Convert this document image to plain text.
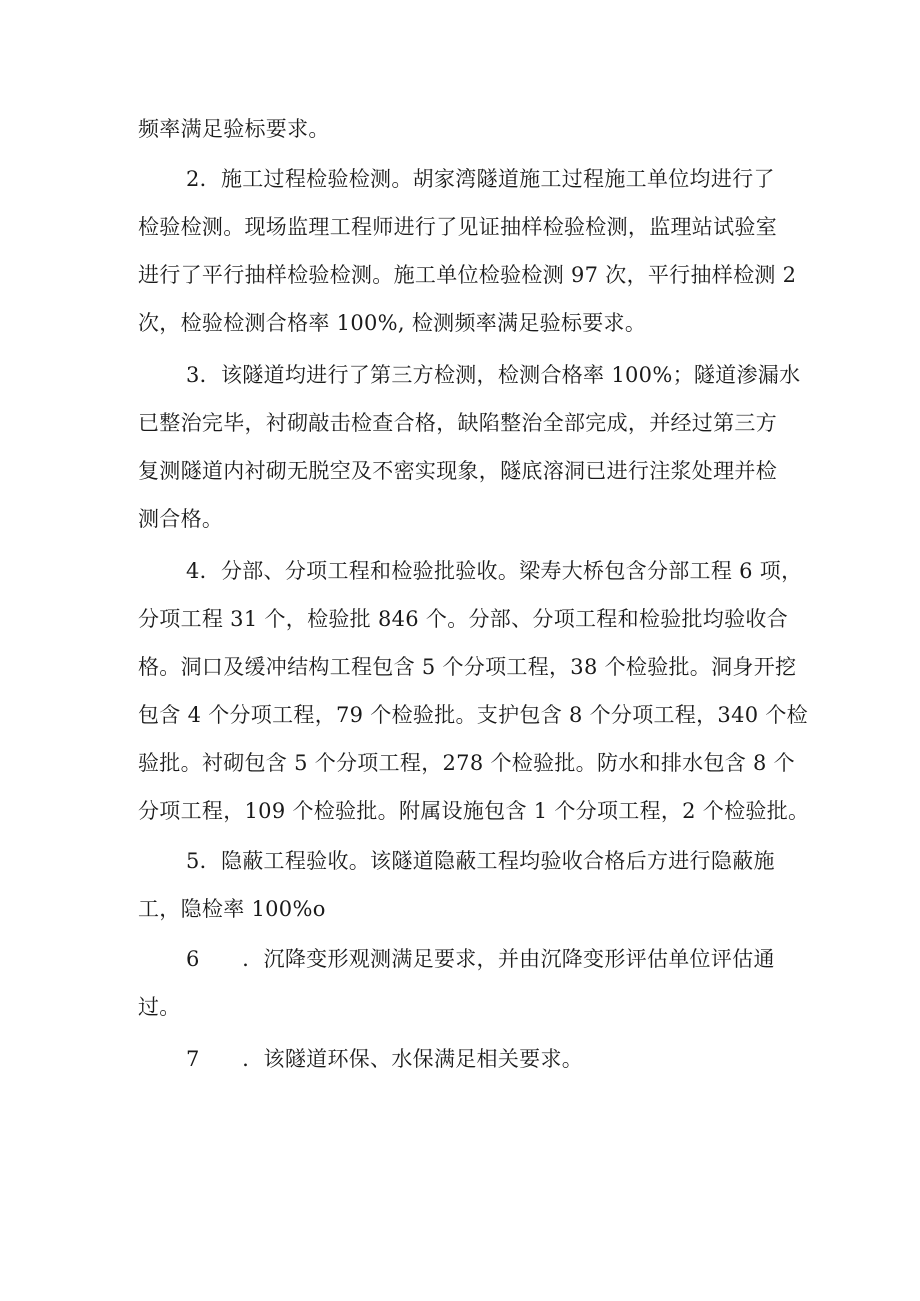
频率满足验标要求。
2．施工过程检验检测。胡家湾隧道施工过程施工单位均进行了
检验检测。现场监理工程师进行了见证抽样检验检测，监理站试验室
进行了平行抽样检验检测。施工单位检验检测 97 次，平行抽样检测 2
次，检验检测合格率 100%, 检测频率满足验标要求。
3．该隧道均进行了第三方检测，检测合格率 100%；隧道渗漏水
已整治完毕，衬砌敲击检查合格，缺陷整治全部完成，并经过第三方
复测隧道内衬砌无脱空及不密实现象，隧底溶洞已进行注浆处理并检
测合格。
4．分部、分项工程和检验批验收。梁寿大桥包含分部工程 6 项，
分项工程 31 个，检验批 846 个。分部、分项工程和检验批均验收合
格。洞口及缓冲结构工程包含 5 个分项工程，38 个检验批。洞身开挖
包含 4 个分项工程，79 个检验批。支护包含 8 个分项工程，340 个检
验批。衬砌包含 5 个分项工程，278 个检验批。防水和排水包含 8 个
分项工程，109 个检验批。附属设施包含 1 个分项工程，2 个检验批。
5．隐蔽工程验收。该隧道隐蔽工程均验收合格后方进行隐蔽施
工，隐检率 100%o
6　　．沉降变形观测满足要求，并由沉降变形评估单位评估通
过。
7　　．该隧道环保、水保满足相关要求。
